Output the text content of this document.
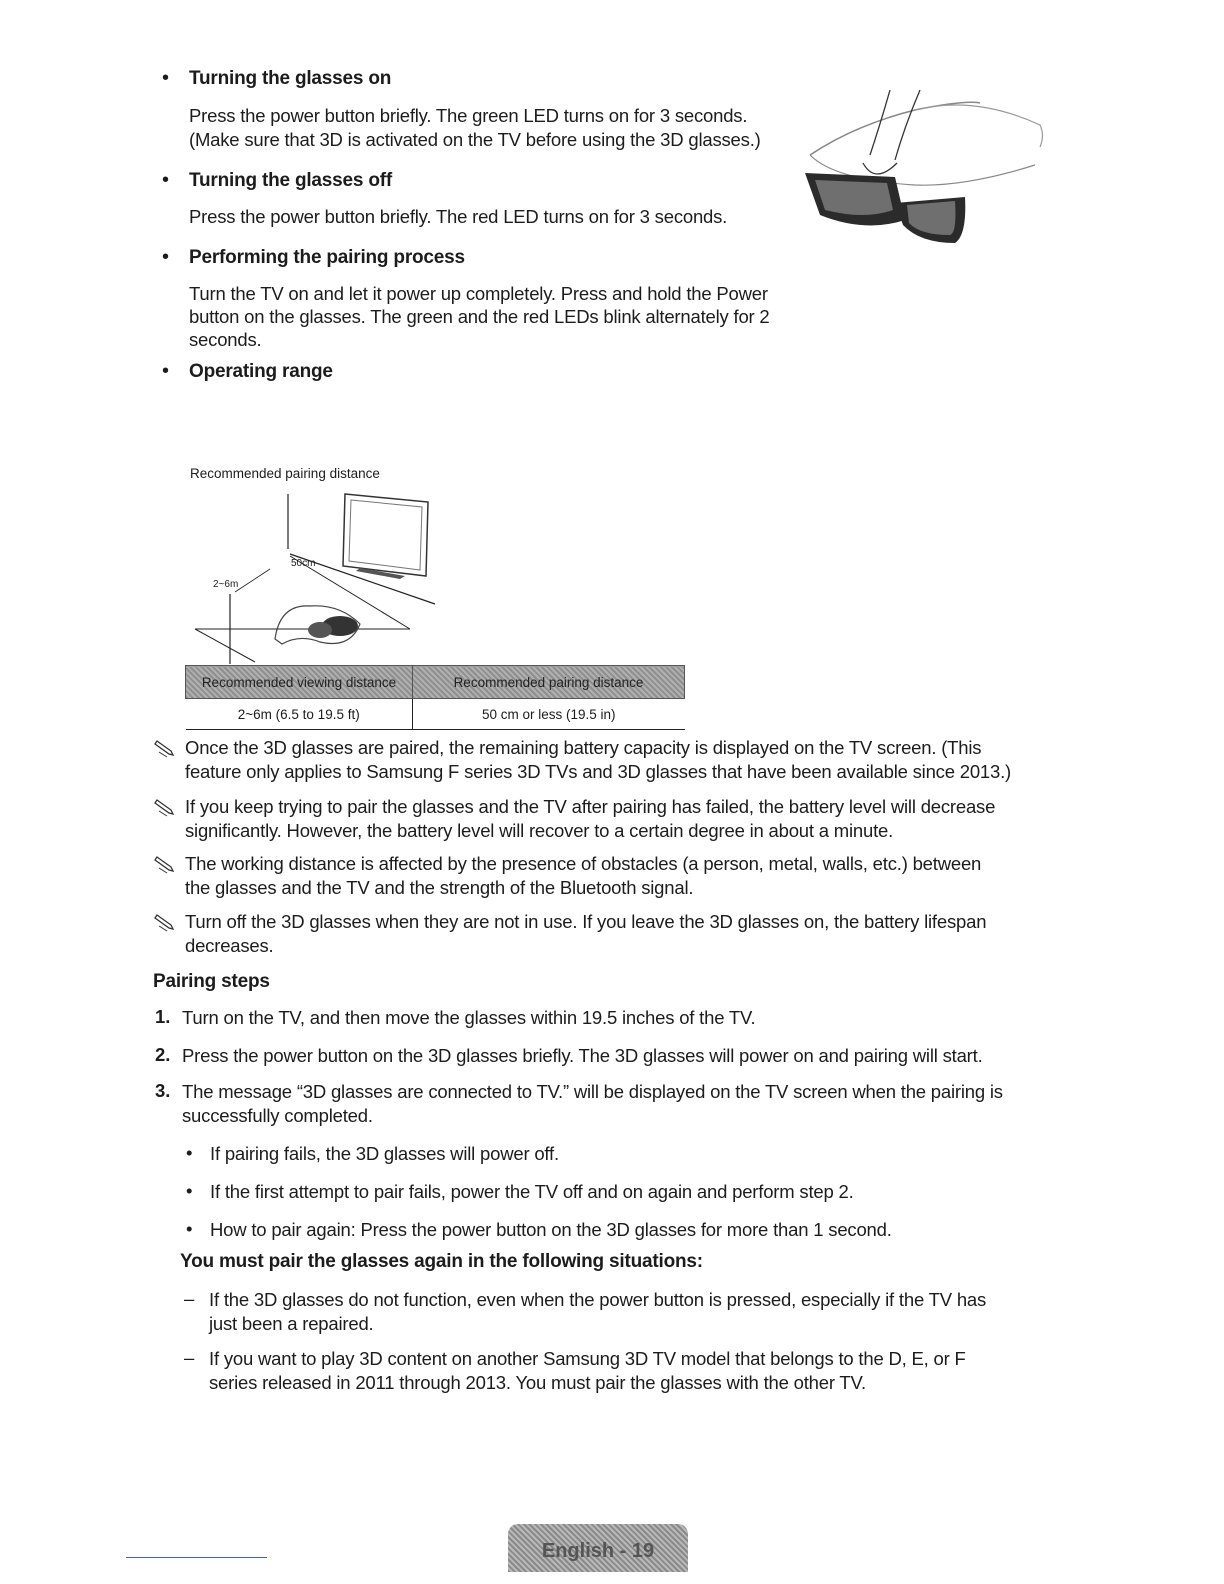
• Turning the glasses on
Press the power button briefly. The green LED turns on for 3 seconds.
(Make sure that 3D is activated on the TV before using the 3D glasses.)
• Turning the glasses off
Press the power button briefly. The red LED turns on for 3 seconds.
• Performing the pairing process
Turn the TV on and let it power up completely. Press and hold the Power
button on the glasses. The green and the red LEDs blink alternately for 2
seconds.
• Operating range
Recommended pairing distance
50cm
2~6m
Recommended viewing distance	Recommended pairing distance
2~6m (6.5 to 19.5 ft)	50 cm or less (19.5 in)
Once the 3D glasses are paired, the remaining battery capacity is displayed on the TV screen. (This
feature only applies to Samsung F series 3D TVs and 3D glasses that have been available since 2013.)
If you keep trying to pair the glasses and the TV after pairing has failed, the battery level will decrease
significantly. However, the battery level will recover to a certain degree in about a minute.
The working distance is affected by the presence of obstacles (a person, metal, walls, etc.) between
the glasses and the TV and the strength of the Bluetooth signal.
Turn off the 3D glasses when they are not in use. If you leave the 3D glasses on, the battery lifespan
decreases.
Pairing steps
1. Turn on the TV, and then move the glasses within 19.5 inches of the TV.
2. Press the power button on the 3D glasses briefly. The 3D glasses will power on and pairing will start.
3. The message “3D glasses are connected to TV.” will be displayed on the TV screen when the pairing is
successfully completed.
• If pairing fails, the 3D glasses will power off.
• If the first attempt to pair fails, power the TV off and on again and perform step 2.
• How to pair again: Press the power button on the 3D glasses for more than 1 second.
You must pair the glasses again in the following situations:
– If the 3D glasses do not function, even when the power button is pressed, especially if the TV has
just been a repaired.
– If you want to play 3D content on another Samsung 3D TV model that belongs to the D, E, or F
series released in 2011 through 2013. You must pair the glasses with the other TV.
English - 19
